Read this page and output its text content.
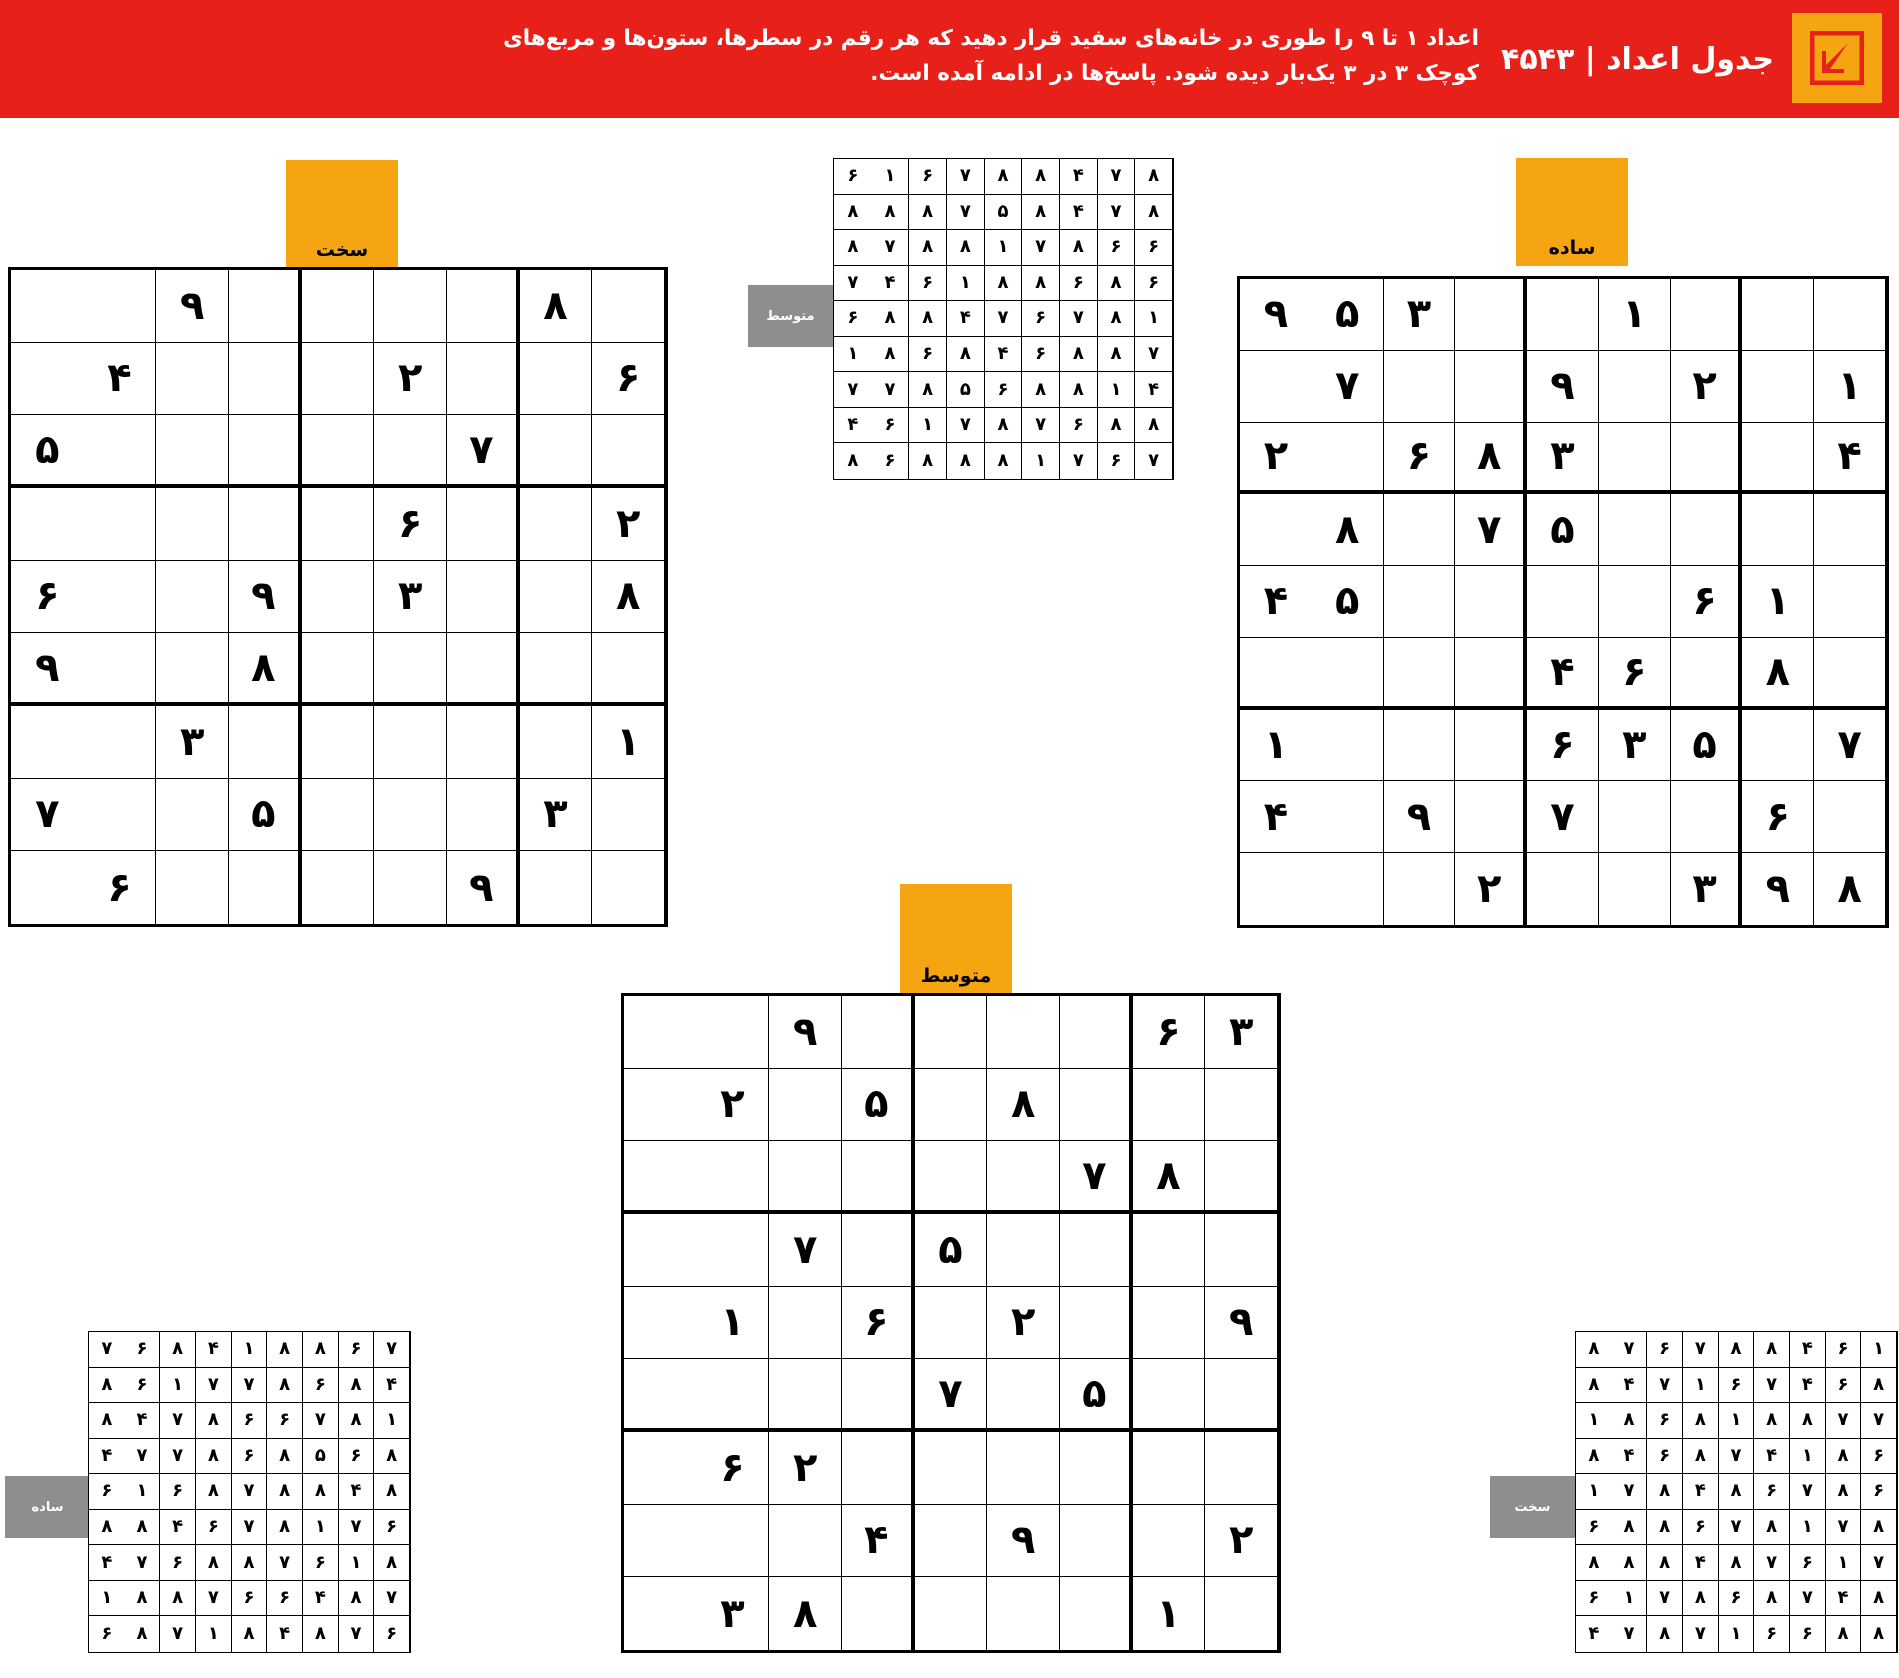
جدول اعداد | ۴۵۴۳
اعداد ۱ تا ۹ را طوری در خانه‌های سفید قرار دهید که هر رقم در سطرها، ستون‌ها و مربع‌های کوچک ۳ در ۳ یک‌بار دیده شود. پاسخ‌ها در ادامه آمده است.
سخت	ساده
متوسط
۸
۹
۶
۲
۴
۷
۵
۲
۶
۸
۳
۹
۶
۸
۹
۱
۳
۳
۵
۷
۹
۶
۱
۳
۵
۹
۱
۲
۹
۷
۴
۳
۸
۶
۲
۵
۷
۸
۱
۶
۵
۴
۸
۶
۴
۷
۵
۳
۶
۱
۶
۷
۹
۴
۸
۹
۳
۲
۳
۶
۹
۸
۵
۲
۸
۷
۵
۷
۹
۲
۶
۱
۵
۷
۲
۶
۲
۹
۴
۱
۸
۳
متوسط
۸
۷
۴
۸
۸
۷
۶
۱
۶
۸
۷
۴
۸
۵
۷
۸
۸
۸
۶
۶
۸
۷
۱
۸
۸
۷
۸
۶
۸
۶
۸
۸
۱
۶
۴
۷
۱
۸
۷
۶
۷
۴
۸
۸
۶
۷
۸
۸
۶
۴
۸
۶
۸
۱
۴
۱
۸
۸
۶
۵
۸
۷
۷
۸
۸
۶
۷
۸
۷
۱
۶
۴
۷
۶
۷
۱
۸
۸
۸
۶
۸
ساده
۷
۶
۸
۸
۱
۴
۸
۶
۷
۴
۸
۶
۸
۷
۷
۱
۶
۸
۱
۸
۷
۶
۶
۸
۷
۴
۸
۸
۶
۵
۸
۶
۸
۷
۷
۴
۸
۴
۸
۸
۷
۸
۶
۱
۶
۶
۷
۱
۸
۷
۶
۴
۸
۸
۸
۱
۶
۷
۸
۸
۶
۷
۴
۷
۸
۴
۶
۶
۷
۸
۸
۱
۶
۷
۸
۴
۸
۱
۷
۸
۶
سخت
۱
۶
۴
۸
۸
۷
۶
۷
۸
۸
۶
۴
۷
۶
۱
۷
۴
۸
۷
۷
۸
۸
۱
۸
۶
۸
۱
۶
۸
۱
۴
۷
۸
۶
۴
۸
۶
۸
۷
۶
۸
۴
۸
۷
۱
۸
۷
۱
۸
۷
۶
۸
۸
۶
۷
۱
۶
۷
۸
۴
۸
۸
۸
۸
۴
۷
۸
۶
۸
۷
۱
۶
۸
۸
۶
۶
۱
۷
۸
۷
۴
